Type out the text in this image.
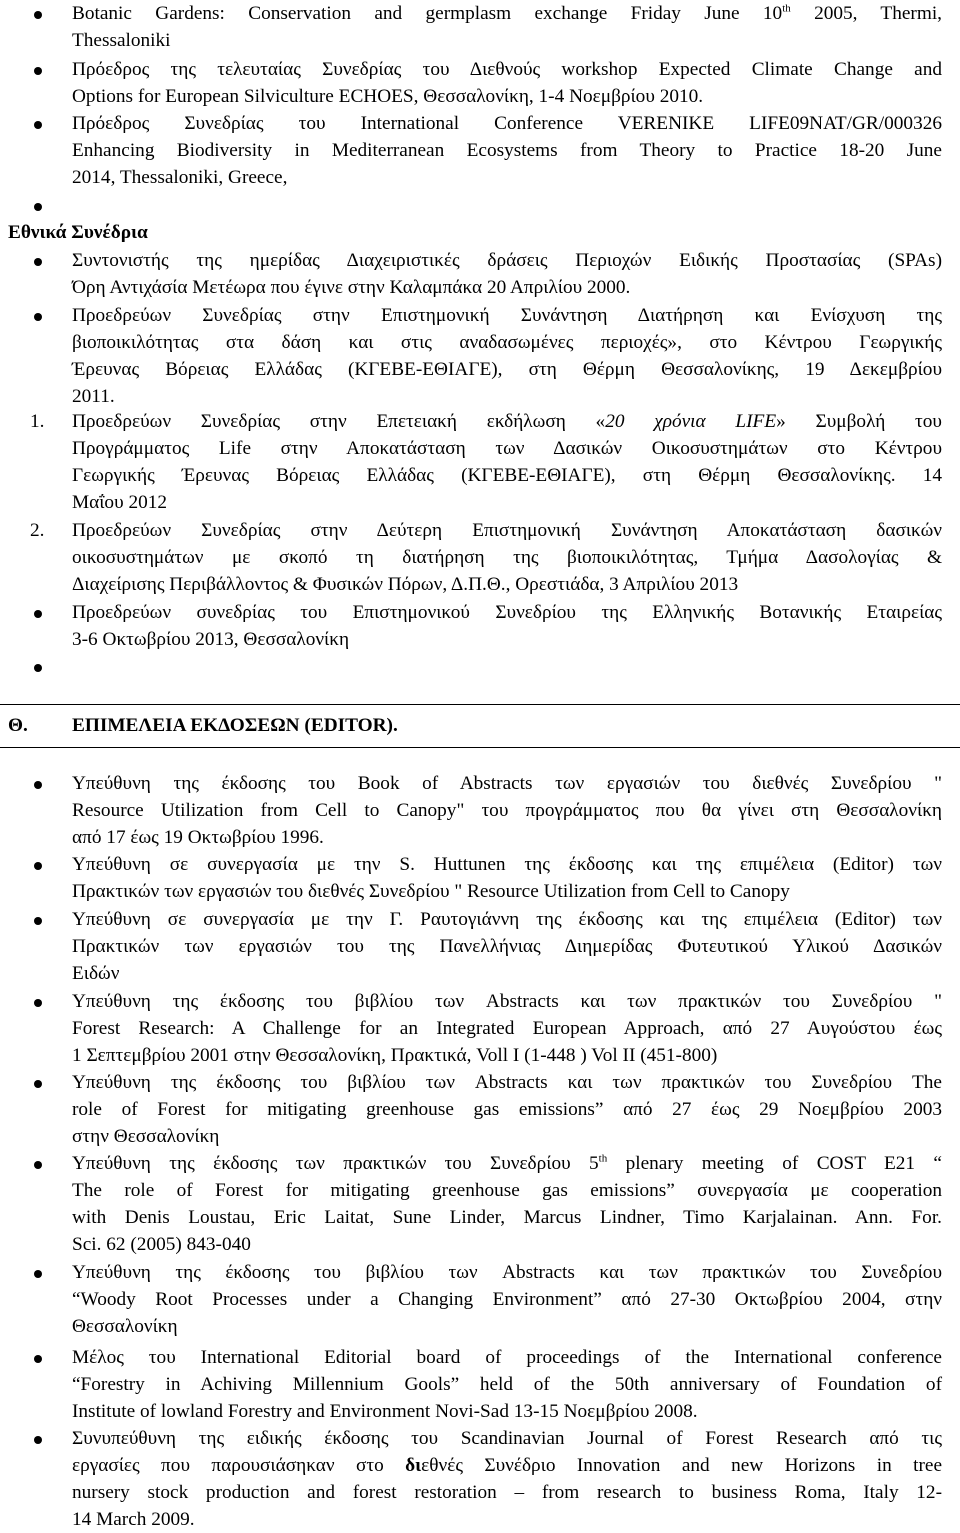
Botanic Gardens: Conservation and germplasm exchange Friday June 10th 2005, Thermi,
Thessaloniki
Πρόεδρος της τελευταίας Συνεδρίας του Διεθνούς workshop Expected Climate Change and
Options for European Silviculture ECHOES, Θεσσαλονίκη, 1-4 Νοεμβρίου 2010.
Πρόεδρος Συνεδρίας του International Conference VERENIKE LIFE09NAT/GR/000326
Enhancing Biodiversity in Mediterranean Ecosystems from Theory to Practice 18-20 June
2014, Thessaloniki, Greece,
Εθνικά Συνέδρια
Συντονιστής της ημερίδας Διαχειριστικές δράσεις Περιοχών Ειδικής Προστασίας (SPAs)
Όρη Αντιχάσία Μετέωρα που έγινε στην Καλαμπάκα 20 Απριλίου 2000.
Προεδρεύων Συνεδρίας στην Επιστημονική Συνάντηση Διατήρηση και Ενίσχυση της
βιοποικιλότητας στα δάση και στις αναδασωμένες περιοχές», στο Κέντρου Γεωργικής
Έρευνας Βόρειας Ελλάδας (ΚΓΕΒΕ-ΕΘΙΑΓΕ), στη Θέρμη Θεσσαλονίκης, 19 Δεκεμβρίου
2011.
1. Προεδρεύων Συνεδρίας στην Επετειακή εκδήλωση «20 χρόνια LIFE» Συμβολή του
Προγράμματος Life στην Αποκατάσταση των Δασικών Οικοσυστημάτων στο Κέντρου
Γεωργικής Έρευνας Βόρειας Ελλάδας (ΚΓΕΒΕ-ΕΘΙΑΓΕ), στη Θέρμη Θεσσαλονίκης. 14
Μαΐου 2012
2. Προεδρεύων Συνεδρίας στην Δεύτερη Επιστημονική Συνάντηση Αποκατάσταση δασικών
οικοσυστημάτων με σκοπό τη διατήρηση της βιοποικιλότητας, Τμήμα Δασολογίας &
Διαχείρισης Περιβάλλοντος & Φυσικών Πόρων, Δ.Π.Θ., Ορεστιάδα, 3 Απριλίου 2013
Προεδρεύων συνεδρίας του Επιστημονικού Συνεδρίου της Ελληνικής Βοτανικής Εταιρείας
3-6 Οκτωβρίου 2013, Θεσσαλονίκη
Θ. ΕΠΙΜΕΛΕΙΑ ΕΚΔΟΣΕΩΝ (EDITOR).
Υπεύθυνη της έκδοσης του Book of Abstracts των εργασιών του διεθνές Συνεδρίου "
Resource Utilization from Cell to Canopy" του προγράμματος που θα γίνει στη Θεσσαλονίκη
από 17 έως 19 Οκτωβρίου 1996.
Υπεύθυνη σε συνεργασία με την S. Huttunen της έκδοσης και της επιμέλεια (Editor) των
Πρακτικών των εργασιών του διεθνές Συνεδρίου " Resource Utilization from Cell to Canopy
Υπεύθυνη σε συνεργασία με την Γ. Ραυτογιάννη της έκδοσης και της επιμέλεια (Editor) των
Πρακτικών των εργασιών του της Πανελλήνιας Διημερίδας Φυτευτικού Υλικού Δασικών
Ειδών
Υπεύθυνη της έκδοσης του βιβλίου των Abstracts και των πρακτικών του Συνεδρίου "
Forest Research: A Challenge for an Integrated European Approach, από 27 Αυγούστου έως
1 Σεπτεμβρίου 2001 στην Θεσσαλονίκη, Πρακτικά, Voll I (1-448 ) Vol II (451-800)
Υπεύθυνη της έκδοσης του βιβλίου των Abstracts και των πρακτικών του Συνεδρίου The
role of Forest for mitigating greenhouse gas emissions” από 27 έως 29 Νοεμβρίου 2003
στην Θεσσαλονίκη
Υπεύθυνη της έκδοσης των πρακτικών του Συνεδρίου 5th plenary meeting of COST E21 “
The role of Forest for mitigating greenhouse gas emissions” συνεργασία με cooperation
with Denis Loustau, Eric Laitat, Sune Linder, Marcus Lindner, Timo Karjalainan. Ann. For.
Sci. 62 (2005) 843-040
Υπεύθυνη της έκδοσης του βιβλίου των Abstracts και των πρακτικών του Συνεδρίου
“Woody Root Processes under a Changing Environment” από 27-30 Οκτωβρίου 2004, στην
Θεσσαλονίκη
Μέλος του International Editorial board of proceedings of the International conference
“Forestry in Achiving Millennium Gools” held of the 50th anniversary of Foundation of
Institute of lowland Forestry and Environment Novi-Sad 13-15 Νοεμβρίου 2008.
Συνυπεύθυνη της ειδικής έκδοσης του Scandinavian Journal of Forest Research από τις
εργασίες που παρουσιάσηκαν στο διεθνές Συνέδριο Innovation and new Horizons in tree
nursery stock production and forest restoration – from research to business Roma, Italy 12-
14 March 2009.
